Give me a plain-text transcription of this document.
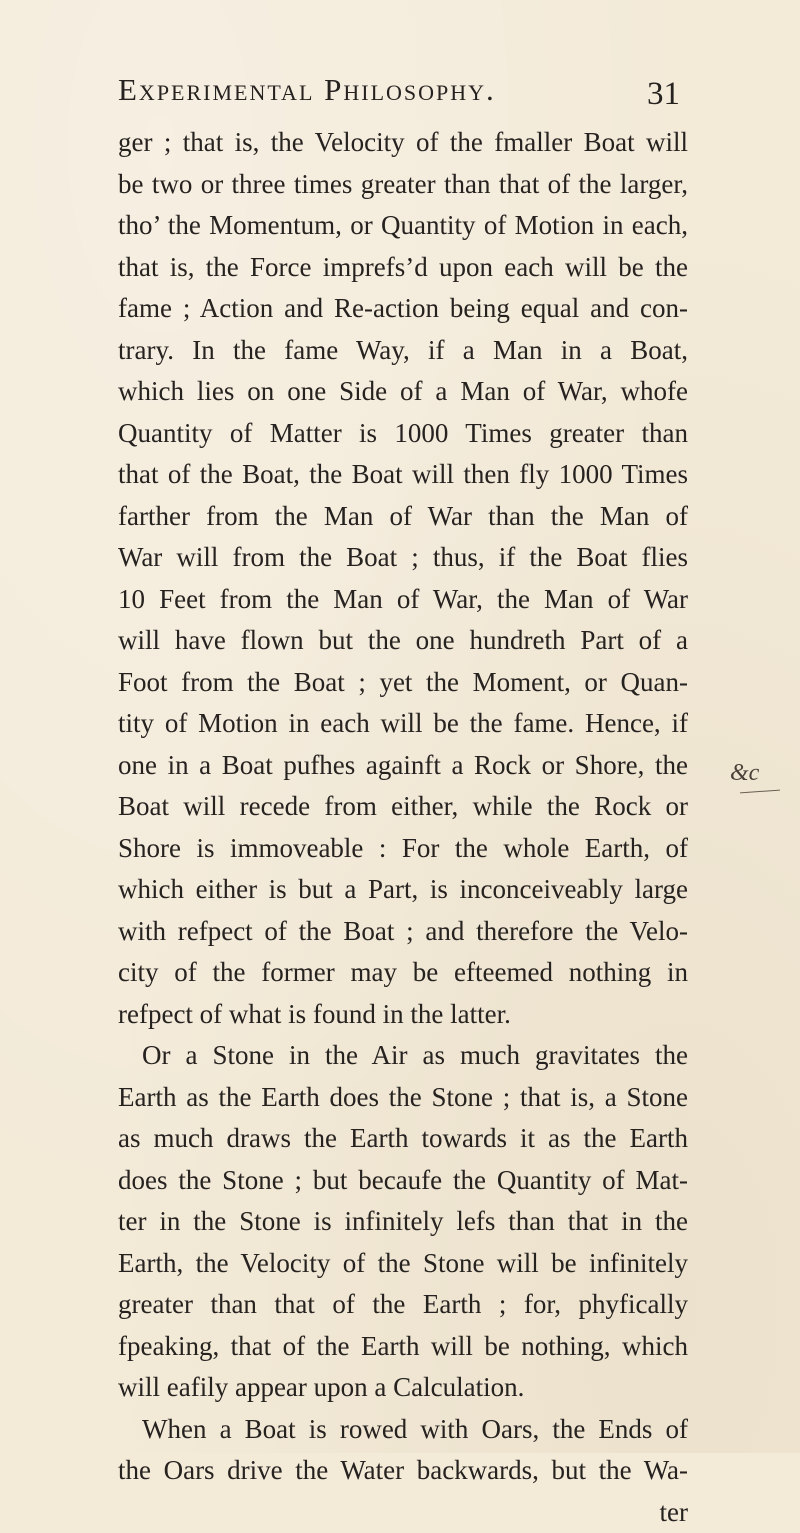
Experimental Philosophy.	31
ger ; that is, the Velocity of the fmaller Boat will
be two or three times greater than that of the larger,
tho’ the Momentum, or Quantity of Motion in each,
that is, the Force imprefs’d upon each will be the
fame ; Action and Re-action being equal and con-
trary. In the fame Way, if a Man in a Boat,
which lies on one Side of a Man of War, whofe
Quantity of Matter is 1000 Times greater than
that of the Boat, the Boat will then fly 1000 Times
farther from the Man of War than the Man of
War will from the Boat ; thus, if the Boat flies
10 Feet from the Man of War, the Man of War
will have flown but the one hundreth Part of a
Foot from the Boat ; yet the Moment, or Quan-
tity of Motion in each will be the fame. Hence, if
one in a Boat pufhes againft a Rock or Shore, the
Boat will recede from either, while the Rock or
Shore is immoveable : For the whole Earth, of
which either is but a Part, is inconceiveably large
with refpect of the Boat ; and therefore the Velo-
city of the former may be efteemed nothing in
refpect of what is found in the latter.
Or a Stone in the Air as much gravitates the
Earth as the Earth does the Stone ; that is, a Stone
as much draws the Earth towards it as the Earth
does the Stone ; but becaufe the Quantity of Mat-
ter in the Stone is infinitely lefs than that in the
Earth, the Velocity of the Stone will be infinitely
greater than that of the Earth ; for, phyfically
fpeaking, that of the Earth will be nothing, which
will eafily appear upon a Calculation.
When a Boat is rowed with Oars, the Ends of
the Oars drive the Water backwards, but the Wa-
ter
&c
